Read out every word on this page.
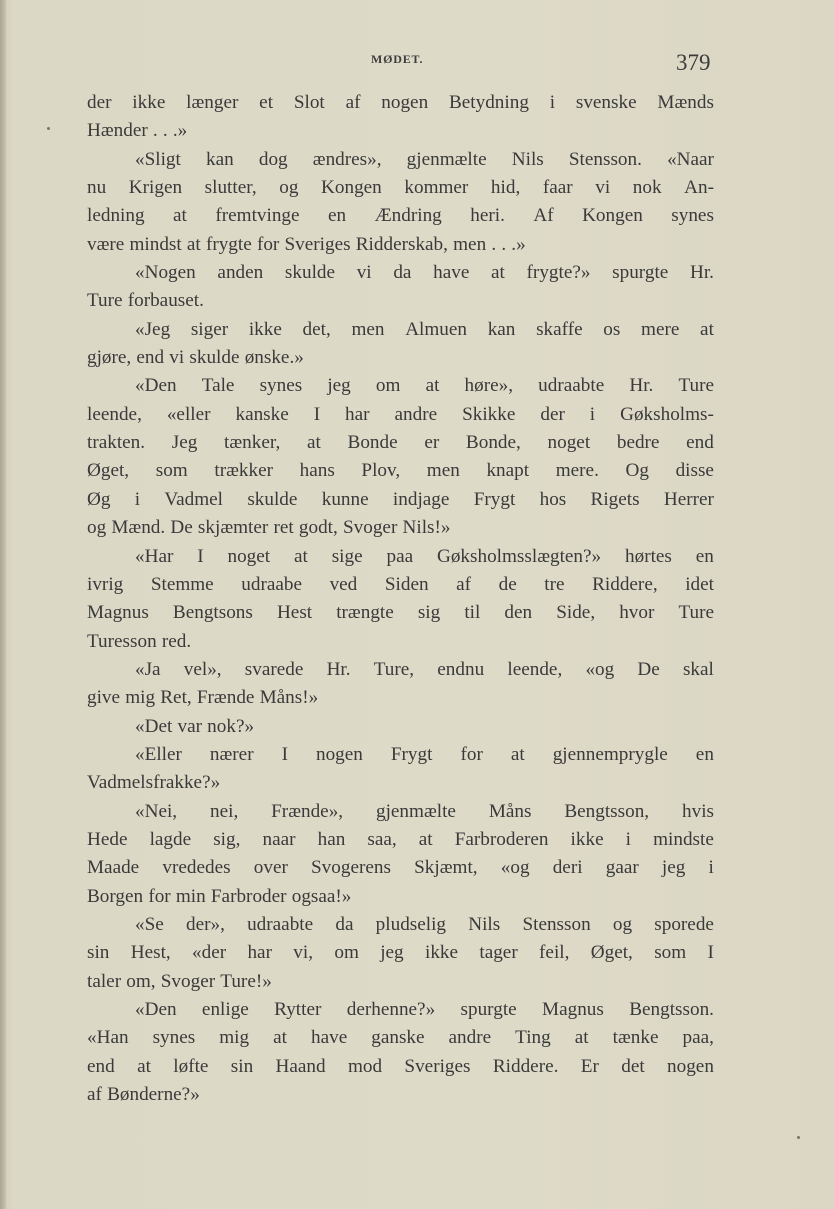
MØDET.	379
der ikke længer et Slot af nogen Betydning i svenske Mænds
Hænder . . .»
«Sligt kan dog ændres», gjenmælte Nils Stensson. «Naar
nu Krigen slutter, og Kongen kommer hid, faar vi nok An-
ledning at fremtvinge en Ændring heri. Af Kongen synes
være mindst at frygte for Sveriges Ridderskab, men . . .»
«Nogen anden skulde vi da have at frygte?» spurgte Hr.
Ture forbauset.
«Jeg siger ikke det, men Almuen kan skaffe os mere at
gjøre, end vi skulde ønske.»
«Den Tale synes jeg om at høre», udraabte Hr. Ture
leende, «eller kanske I har andre Skikke der i Gøksholms-
trakten. Jeg tænker, at Bonde er Bonde, noget bedre end
Øget, som trækker hans Plov, men knapt mere. Og disse
Øg i Vadmel skulde kunne indjage Frygt hos Rigets Herrer
og Mænd. De skjæmter ret godt, Svoger Nils!»
«Har I noget at sige paa Gøksholmsslægten?» hørtes en
ivrig Stemme udraabe ved Siden af de tre Riddere, idet
Magnus Bengtsons Hest trængte sig til den Side, hvor Ture
Turesson red.
«Ja vel», svarede Hr. Ture, endnu leende, «og De skal
give mig Ret, Frænde Måns!»
«Det var nok?»
«Eller nærer I nogen Frygt for at gjennemprygle en
Vadmelsfrakke?»
«Nei, nei, Frænde», gjenmælte Måns Bengtsson, hvis
Hede lagde sig, naar han saa, at Farbroderen ikke i mindste
Maade vrededes over Svogerens Skjæmt, «og deri gaar jeg i
Borgen for min Farbroder ogsaa!»
«Se der», udraabte da pludselig Nils Stensson og sporede
sin Hest, «der har vi, om jeg ikke tager feil, Øget, som I
taler om, Svoger Ture!»
«Den enlige Rytter derhenne?» spurgte Magnus Bengtsson.
«Han synes mig at have ganske andre Ting at tænke paa,
end at løfte sin Haand mod Sveriges Riddere. Er det nogen
af Bønderne?»
